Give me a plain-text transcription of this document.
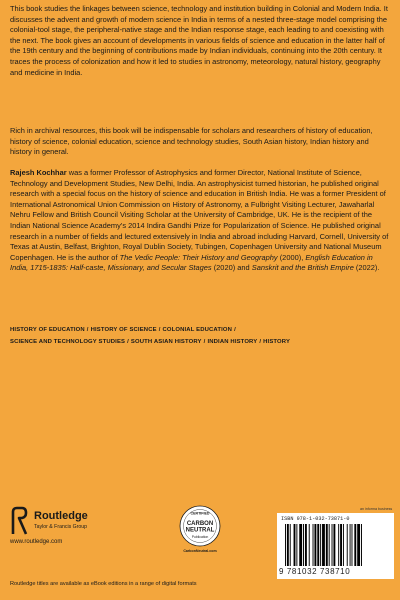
This book studies the linkages between science, technology and institution building in Colonial and Modern India. It discusses the advent and growth of modern science in India in terms of a nested three-stage model comprising the colonial-tool stage, the peripheral-native stage and the Indian response stage, each leading to and coexisting with the next. The book gives an account of developments in various fields of science and education in the latter half of the 19th century and the beginning of contributions made by Indian individuals, continuing into the 20th century. It traces the process of colonization and how it led to studies in astronomy, meteorology, natural history, geography and medicine in India.

Rich in archival resources, this book will be indispensable for scholars and researchers of history of education, history of science, colonial education, science and technology studies, South Asian history, Indian history and history in general.

Rajesh Kochhar was a former Professor of Astrophysics and former Director, National Institute of Science, Technology and Development Studies, New Delhi, India. An astrophysicist turned historian, he published original research with a special focus on the history of science and education in British India. He was a former President of International Astronomical Union Commission on History of Astronomy, a Fulbright Visiting Lecturer, Jawaharlal Nehru Fellow and British Council Visiting Scholar at the University of Cambridge, UK. He is the recipient of the Indian National Science Academy’s 2014 Indira Gandhi Prize for Popularization of Science. He published original research in a number of fields and lectured extensively in India and abroad including Harvard, Cornell, University of Texas at Austin, Belfast, Brighton, Royal Dublin Society, Tubingen, Copenhagen University and National Museum Copenhagen. He is the author of The Vedic People: Their History and Geography (2000), English Education in India, 1715-1835: Half-caste, Missionary, and Secular Stages (2020) and Sanskrit and the British Empire (2022).

HISTORY OF EDUCATION / HISTORY OF SCIENCE / COLONIAL EDUCATION /
SCIENCE AND TECHNOLOGY STUDIES / SOUTH ASIAN HISTORY / INDIAN HISTORY / HISTORY
Routledge
Taylor & Francis Group
www.routledge.com
CERTIFIED
CARBON
NEUTRAL
Publication
CarbonNeutral.com
an informa business
ISBN 978-1-032-73871-0
9 781032 738710
Routledge titles are available as eBook editions in a range of digital formats
